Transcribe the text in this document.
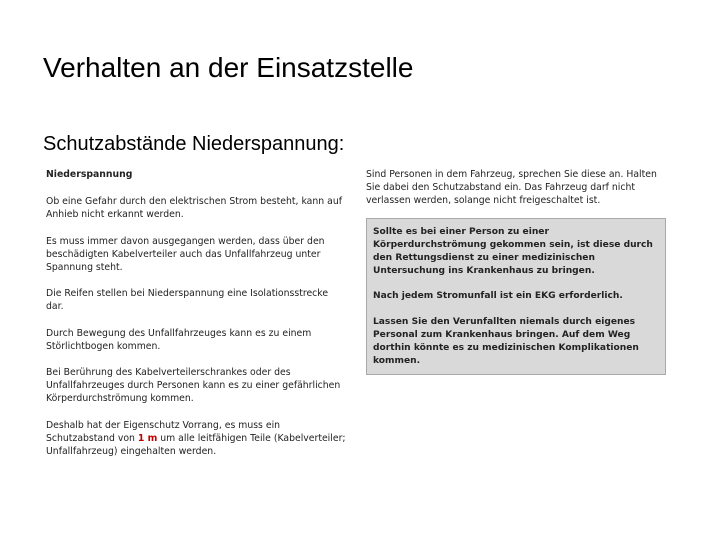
Verhalten an der Einsatzstelle
Schutzabstände Niederspannung:
Niederspannung

Ob eine Gefahr durch den elektrischen Strom besteht, kann auf Anhieb nicht erkannt werden.

Es muss immer davon ausgegangen werden, dass über den beschädigten Kabelverteiler auch das Unfallfahrzeug unter Spannung steht.

Die Reifen stellen bei Niederspannung eine Isolationsstrecke dar.

Durch Bewegung des Unfallfahrzeuges kann es zu einem Störlichtbogen kommen.

Bei Berührung des Kabelverteilerschrankes oder des Unfallfahrzeuges durch Personen kann es zu einer gefährlichen Körperdurchströmung kommen.

Deshalb hat der Eigenschutz Vorrang, es muss ein Schutzabstand von 1 m um alle leitfähigen Teile (Kabelverteiler; Unfallfahrzeug) eingehalten werden.

Sind Personen in dem Fahrzeug, sprechen Sie diese an. Halten Sie dabei den Schutzabstand ein. Das Fahrzeug darf nicht verlassen werden, solange nicht freigeschaltet ist.

Sollte es bei einer Person zu einer Körperdurchströmung gekommen sein, ist diese durch den Rettungsdienst zu einer medizinischen Untersuchung ins Krankenhaus zu bringen.

Nach jedem Stromunfall ist ein EKG erforderlich.

Lassen Sie den Verunfallten niemals durch eigenes Personal zum Krankenhaus bringen. Auf dem Weg dorthin könnte es zu medizinischen Komplikationen kommen.
